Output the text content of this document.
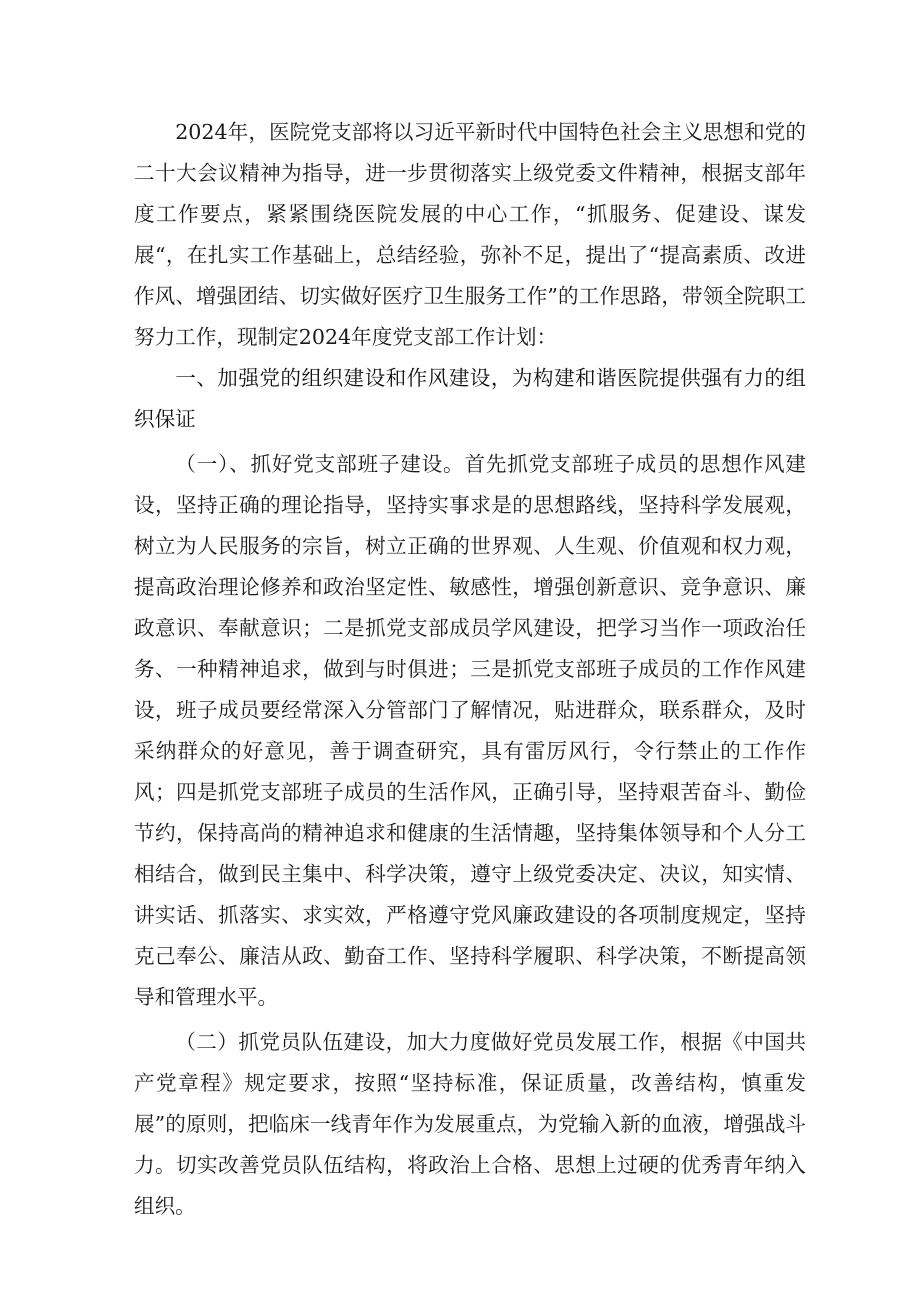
2024年，医院党支部将以习近平新时代中国特色社会主义思想和党的二十大会议精神为指导，进一步贯彻落实上级党委文件精神，根据支部年度工作要点，紧紧围绕医院发展的中心工作，“抓服务、促建设、谋发展“，在扎实工作基础上，总结经验，弥补不足，提出了“提高素质、改进作风、增强团结、切实做好医疗卫生服务工作”的工作思路，带领全院职工努力工作，现制定2024年度党支部工作计划：

一、加强党的组织建设和作风建设，为构建和谐医院提供强有力的组织保证

（一）、抓好党支部班子建设。首先抓党支部班子成员的思想作风建设，坚持正确的理论指导，坚持实事求是的思想路线，坚持科学发展观，树立为人民服务的宗旨，树立正确的世界观、人生观、价值观和权力观，提高政治理论修养和政治坚定性、敏感性，增强创新意识、竞争意识、廉政意识、奉献意识；二是抓党支部成员学风建设，把学习当作一项政治任务、一种精神追求，做到与时俱进；三是抓党支部班子成员的工作作风建设，班子成员要经常深入分管部门了解情况，贴进群众，联系群众，及时采纳群众的好意见，善于调查研究，具有雷厉风行，令行禁止的工作作风；四是抓党支部班子成员的生活作风，正确引导，坚持艰苦奋斗、勤俭节约，保持高尚的精神追求和健康的生活情趣，坚持集体领导和个人分工相结合，做到民主集中、科学决策，遵守上级党委决定、决议，知实情、讲实话、抓落实、求实效，严格遵守党风廉政建设的各项制度规定，坚持克己奉公、廉洁从政、勤奋工作、坚持科学履职、科学决策，不断提高领导和管理水平。

（二）抓党员队伍建设，加大力度做好党员发展工作，根据《中国共产党章程》规定要求，按照“坚持标准，保证质量，改善结构，慎重发展”的原则，把临床一线青年作为发展重点，为党输入新的血液，增强战斗力。切实改善党员队伍结构，将政治上合格、思想上过硬的优秀青年纳入组织。
